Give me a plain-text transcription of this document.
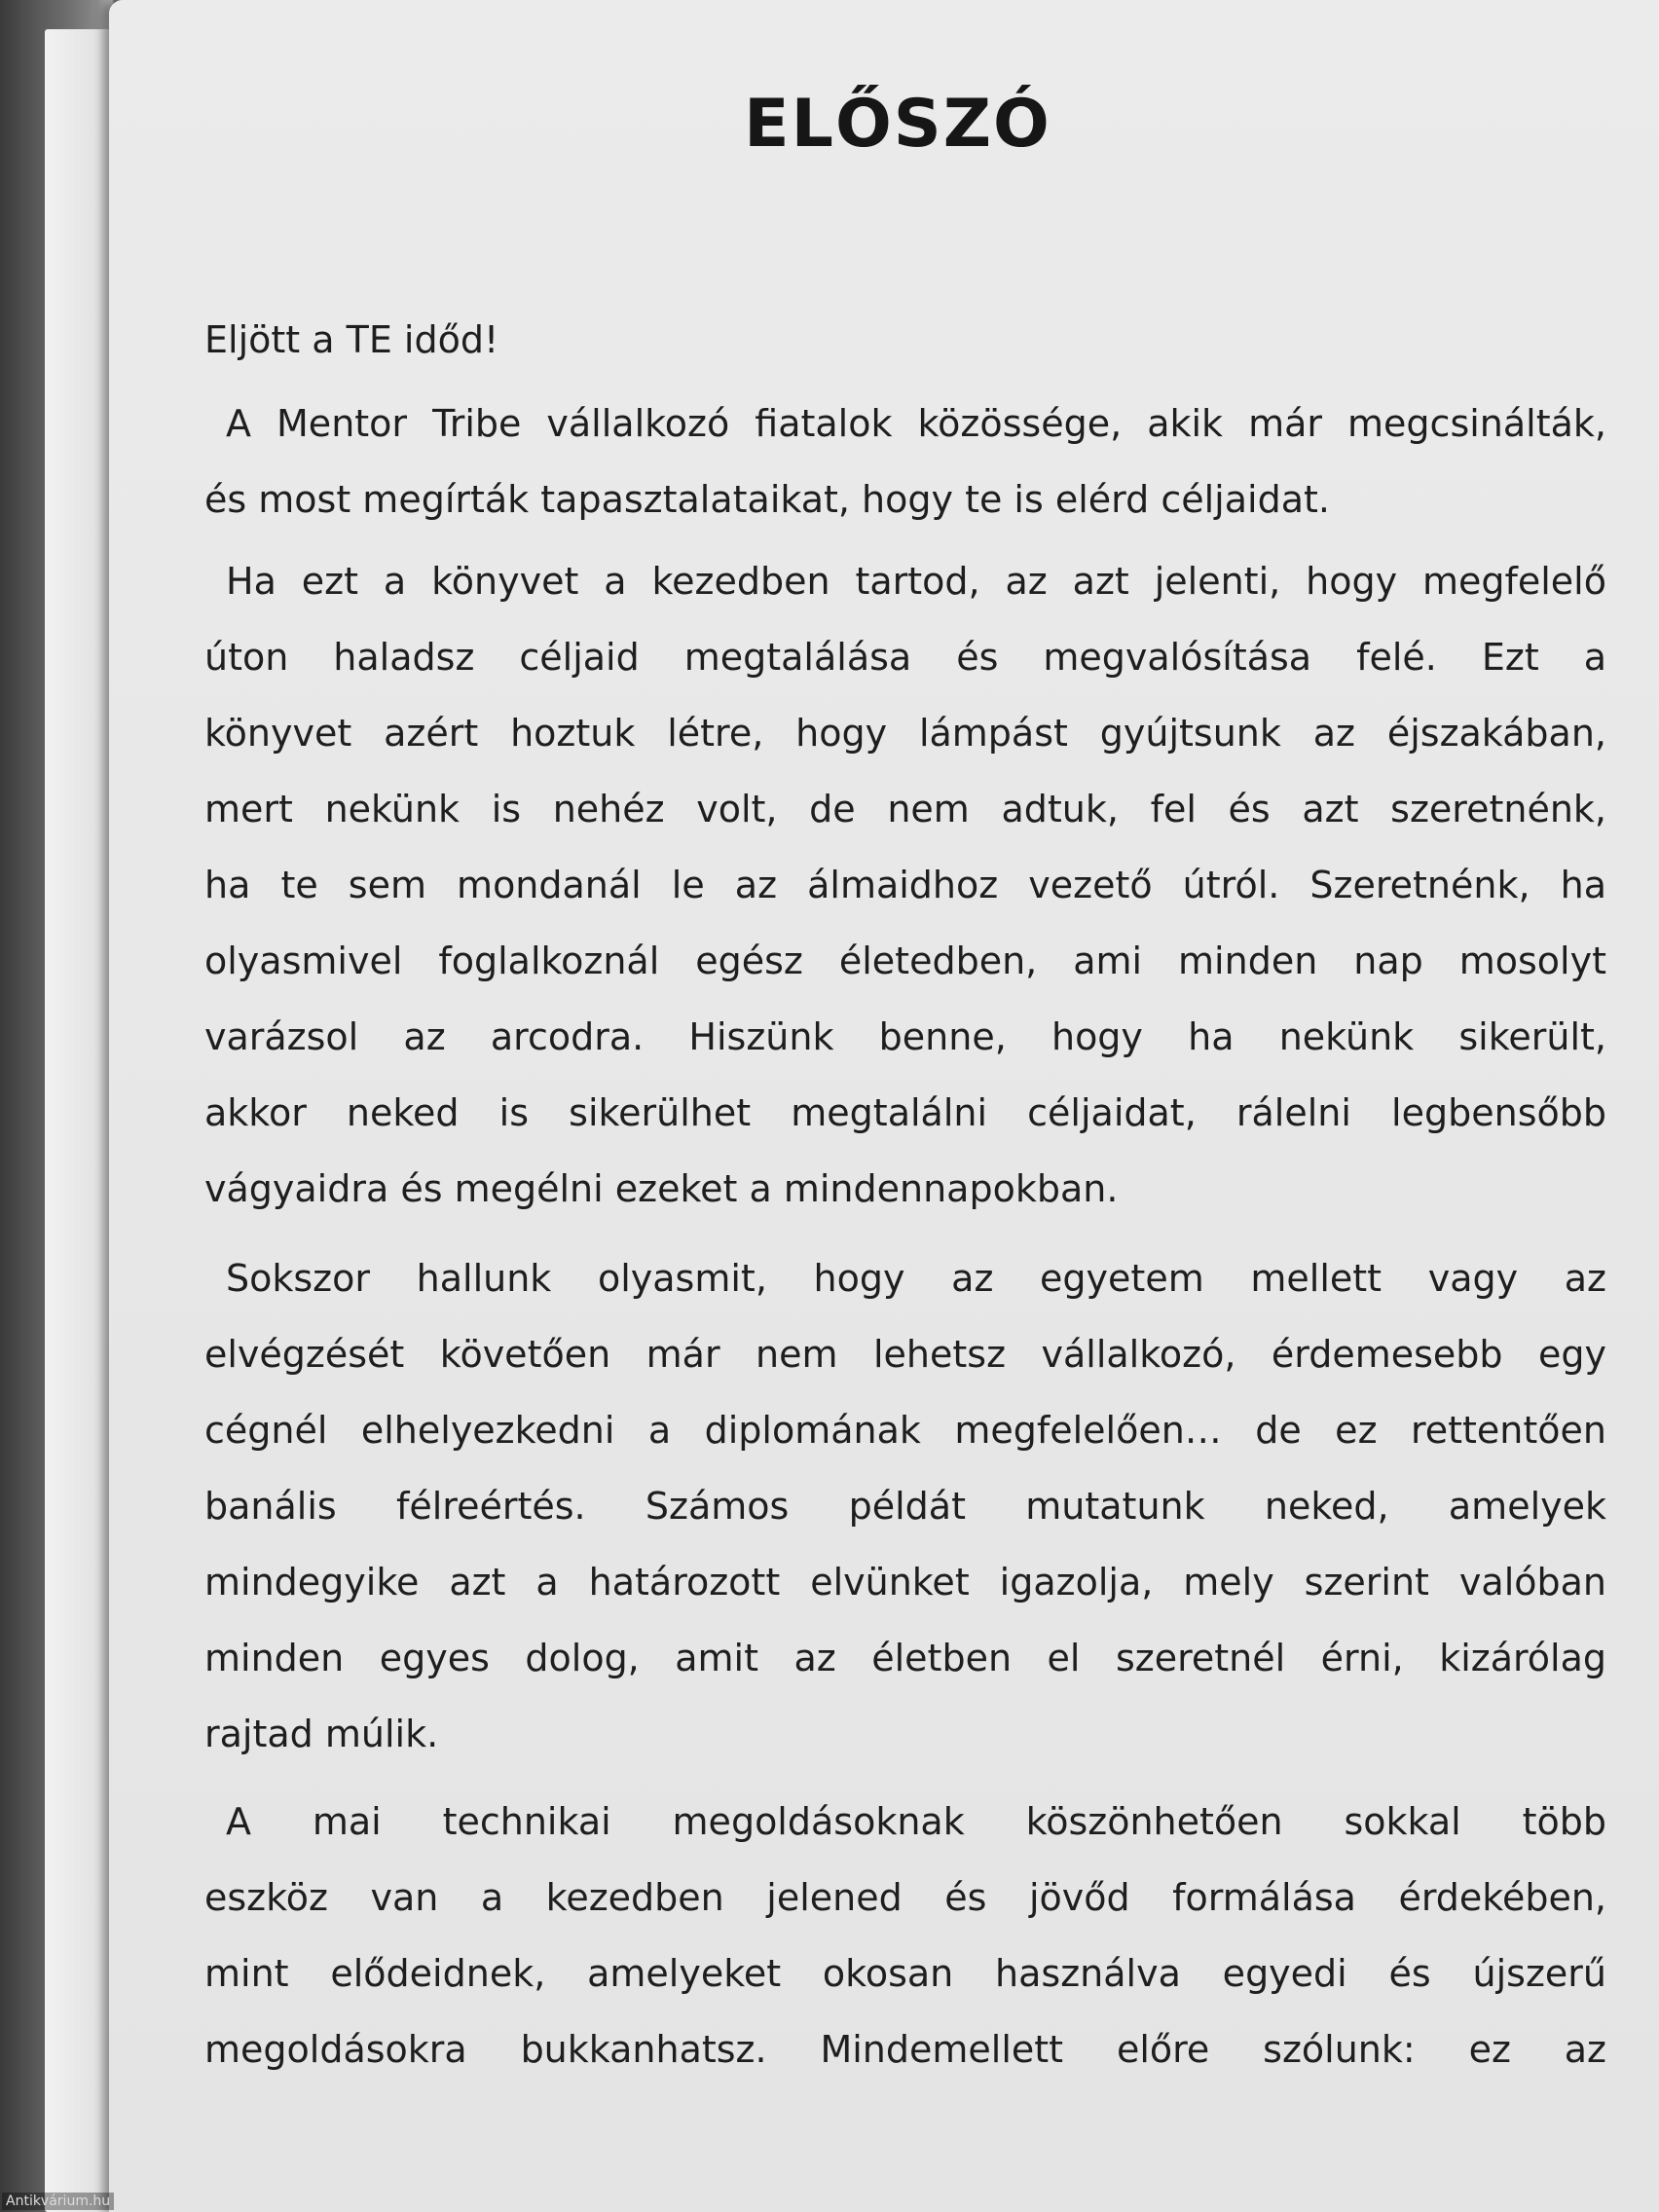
ELŐSZÓ
Eljött a TE időd!
A Mentor Tribe vállalkozó fiatalok közössége, akik már megcsinálták,
és most megírták tapasztalataikat, hogy te is elérd céljaidat.
Ha ezt a könyvet a kezedben tartod, az azt jelenti, hogy megfelelő
úton haladsz céljaid megtalálása és megvalósítása felé. Ezt a
könyvet azért hoztuk létre, hogy lámpást gyújtsunk az éjszakában,
mert nekünk is nehéz volt, de nem adtuk, fel és azt szeretnénk,
ha te sem mondanál le az álmaidhoz vezető útról. Szeretnénk, ha
olyasmivel foglalkoznál egész életedben, ami minden nap mosolyt
varázsol az arcodra. Hiszünk benne, hogy ha nekünk sikerült,
akkor neked is sikerülhet megtalálni céljaidat, rálelni legbensőbb
vágyaidra és megélni ezeket a mindennapokban.
Sokszor hallunk olyasmit, hogy az egyetem mellett vagy az
elvégzését követően már nem lehetsz vállalkozó, érdemesebb egy
cégnél elhelyezkedni a diplomának megfelelően… de ez rettentően
banális félreértés. Számos példát mutatunk neked, amelyek
mindegyike azt a határozott elvünket igazolja, mely szerint valóban
minden egyes dolog, amit az életben el szeretnél érni, kizárólag
rajtad múlik.
A mai technikai megoldásoknak köszönhetően sokkal több
eszköz van a kezedben jelened és jövőd formálása érdekében,
mint elődeidnek, amelyeket okosan használva egyedi és újszerű
megoldásokra bukkanhatsz. Mindemellett előre szólunk: ez az
Antikvárium.hu
